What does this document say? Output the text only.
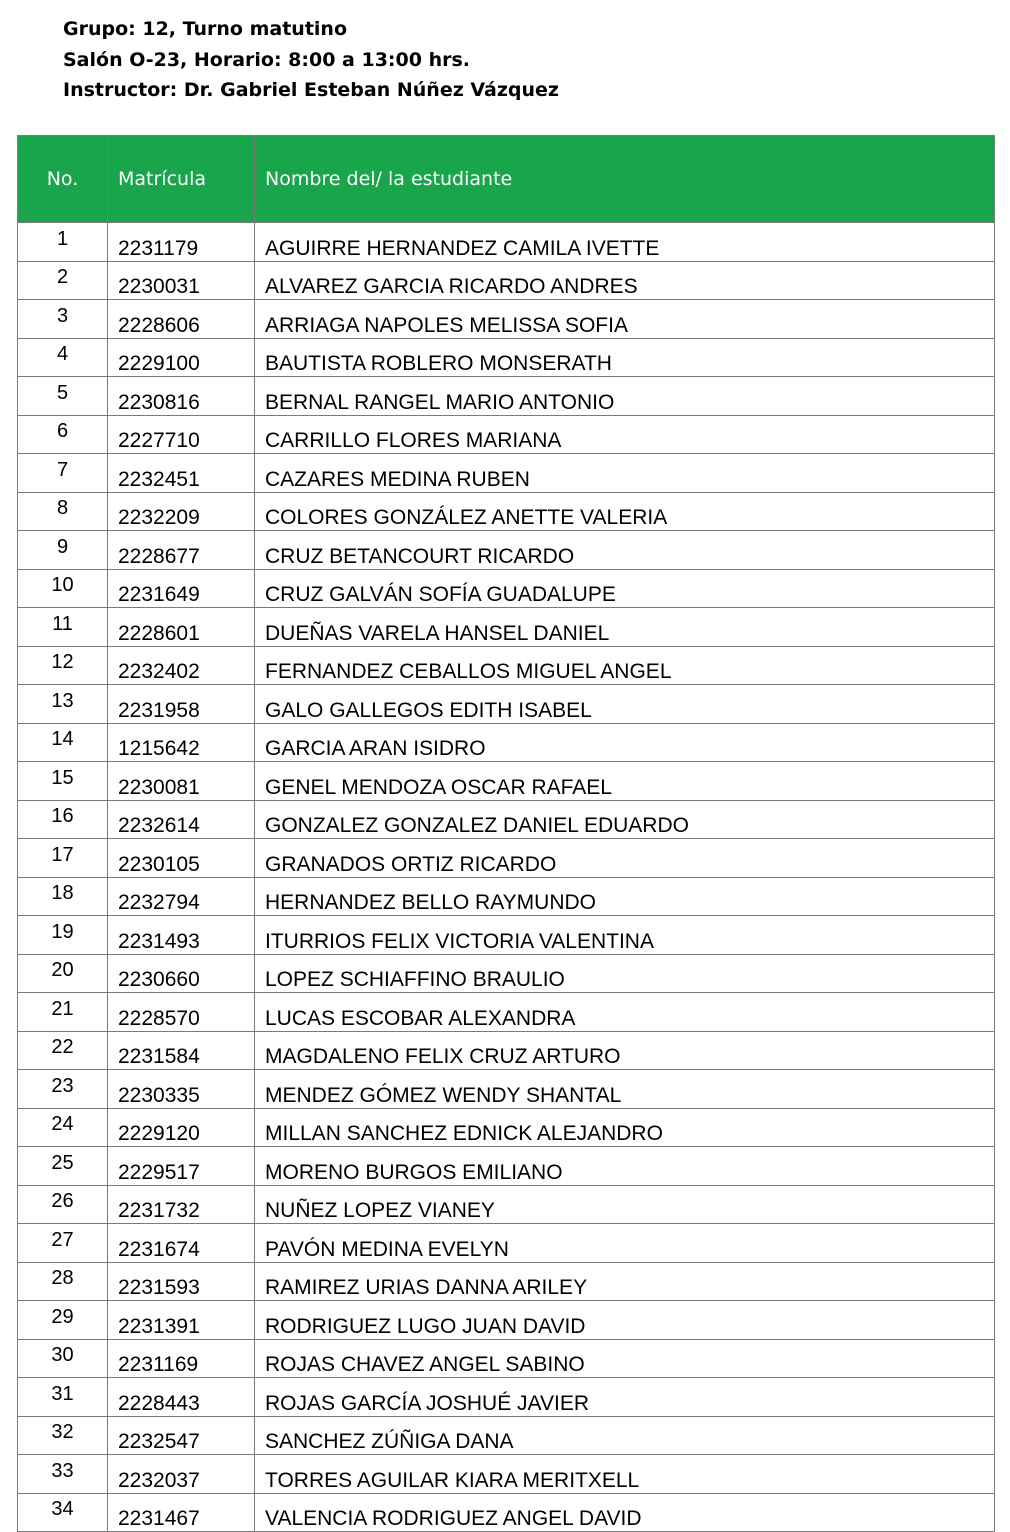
Grupo: 12, Turno matutino
Salón O-23, Horario: 8:00 a 13:00 hrs.
Instructor: Dr. Gabriel Esteban Núñez Vázquez
No.	Matrícula	Nombre del/ la estudiante
1	2231179	AGUIRRE HERNANDEZ CAMILA IVETTE
2	2230031	ALVAREZ GARCIA RICARDO ANDRES
3	2228606	ARRIAGA NAPOLES MELISSA SOFIA
4	2229100	BAUTISTA ROBLERO MONSERATH
5	2230816	BERNAL RANGEL MARIO ANTONIO
6	2227710	CARRILLO FLORES MARIANA
7	2232451	CAZARES MEDINA RUBEN
8	2232209	COLORES GONZÁLEZ ANETTE VALERIA
9	2228677	CRUZ BETANCOURT RICARDO
10	2231649	CRUZ GALVÁN SOFÍA GUADALUPE
11	2228601	DUEÑAS VARELA HANSEL DANIEL
12	2232402	FERNANDEZ CEBALLOS MIGUEL ANGEL
13	2231958	GALO GALLEGOS EDITH ISABEL
14	1215642	GARCIA ARAN ISIDRO
15	2230081	GENEL MENDOZA OSCAR RAFAEL
16	2232614	GONZALEZ GONZALEZ DANIEL EDUARDO
17	2230105	GRANADOS ORTIZ RICARDO
18	2232794	HERNANDEZ BELLO RAYMUNDO
19	2231493	ITURRIOS FELIX VICTORIA VALENTINA
20	2230660	LOPEZ SCHIAFFINO BRAULIO
21	2228570	LUCAS ESCOBAR ALEXANDRA
22	2231584	MAGDALENO FELIX CRUZ ARTURO
23	2230335	MENDEZ GÓMEZ WENDY SHANTAL
24	2229120	MILLAN SANCHEZ EDNICK ALEJANDRO
25	2229517	MORENO BURGOS EMILIANO
26	2231732	NUÑEZ LOPEZ VIANEY
27	2231674	PAVÓN MEDINA EVELYN
28	2231593	RAMIREZ URIAS DANNA ARILEY
29	2231391	RODRIGUEZ LUGO JUAN DAVID
30	2231169	ROJAS CHAVEZ ANGEL SABINO
31	2228443	ROJAS GARCÍA JOSHUÉ JAVIER
32	2232547	SANCHEZ ZÚÑIGA DANA
33	2232037	TORRES AGUILAR KIARA MERITXELL
34	2231467	VALENCIA RODRIGUEZ ANGEL DAVID
